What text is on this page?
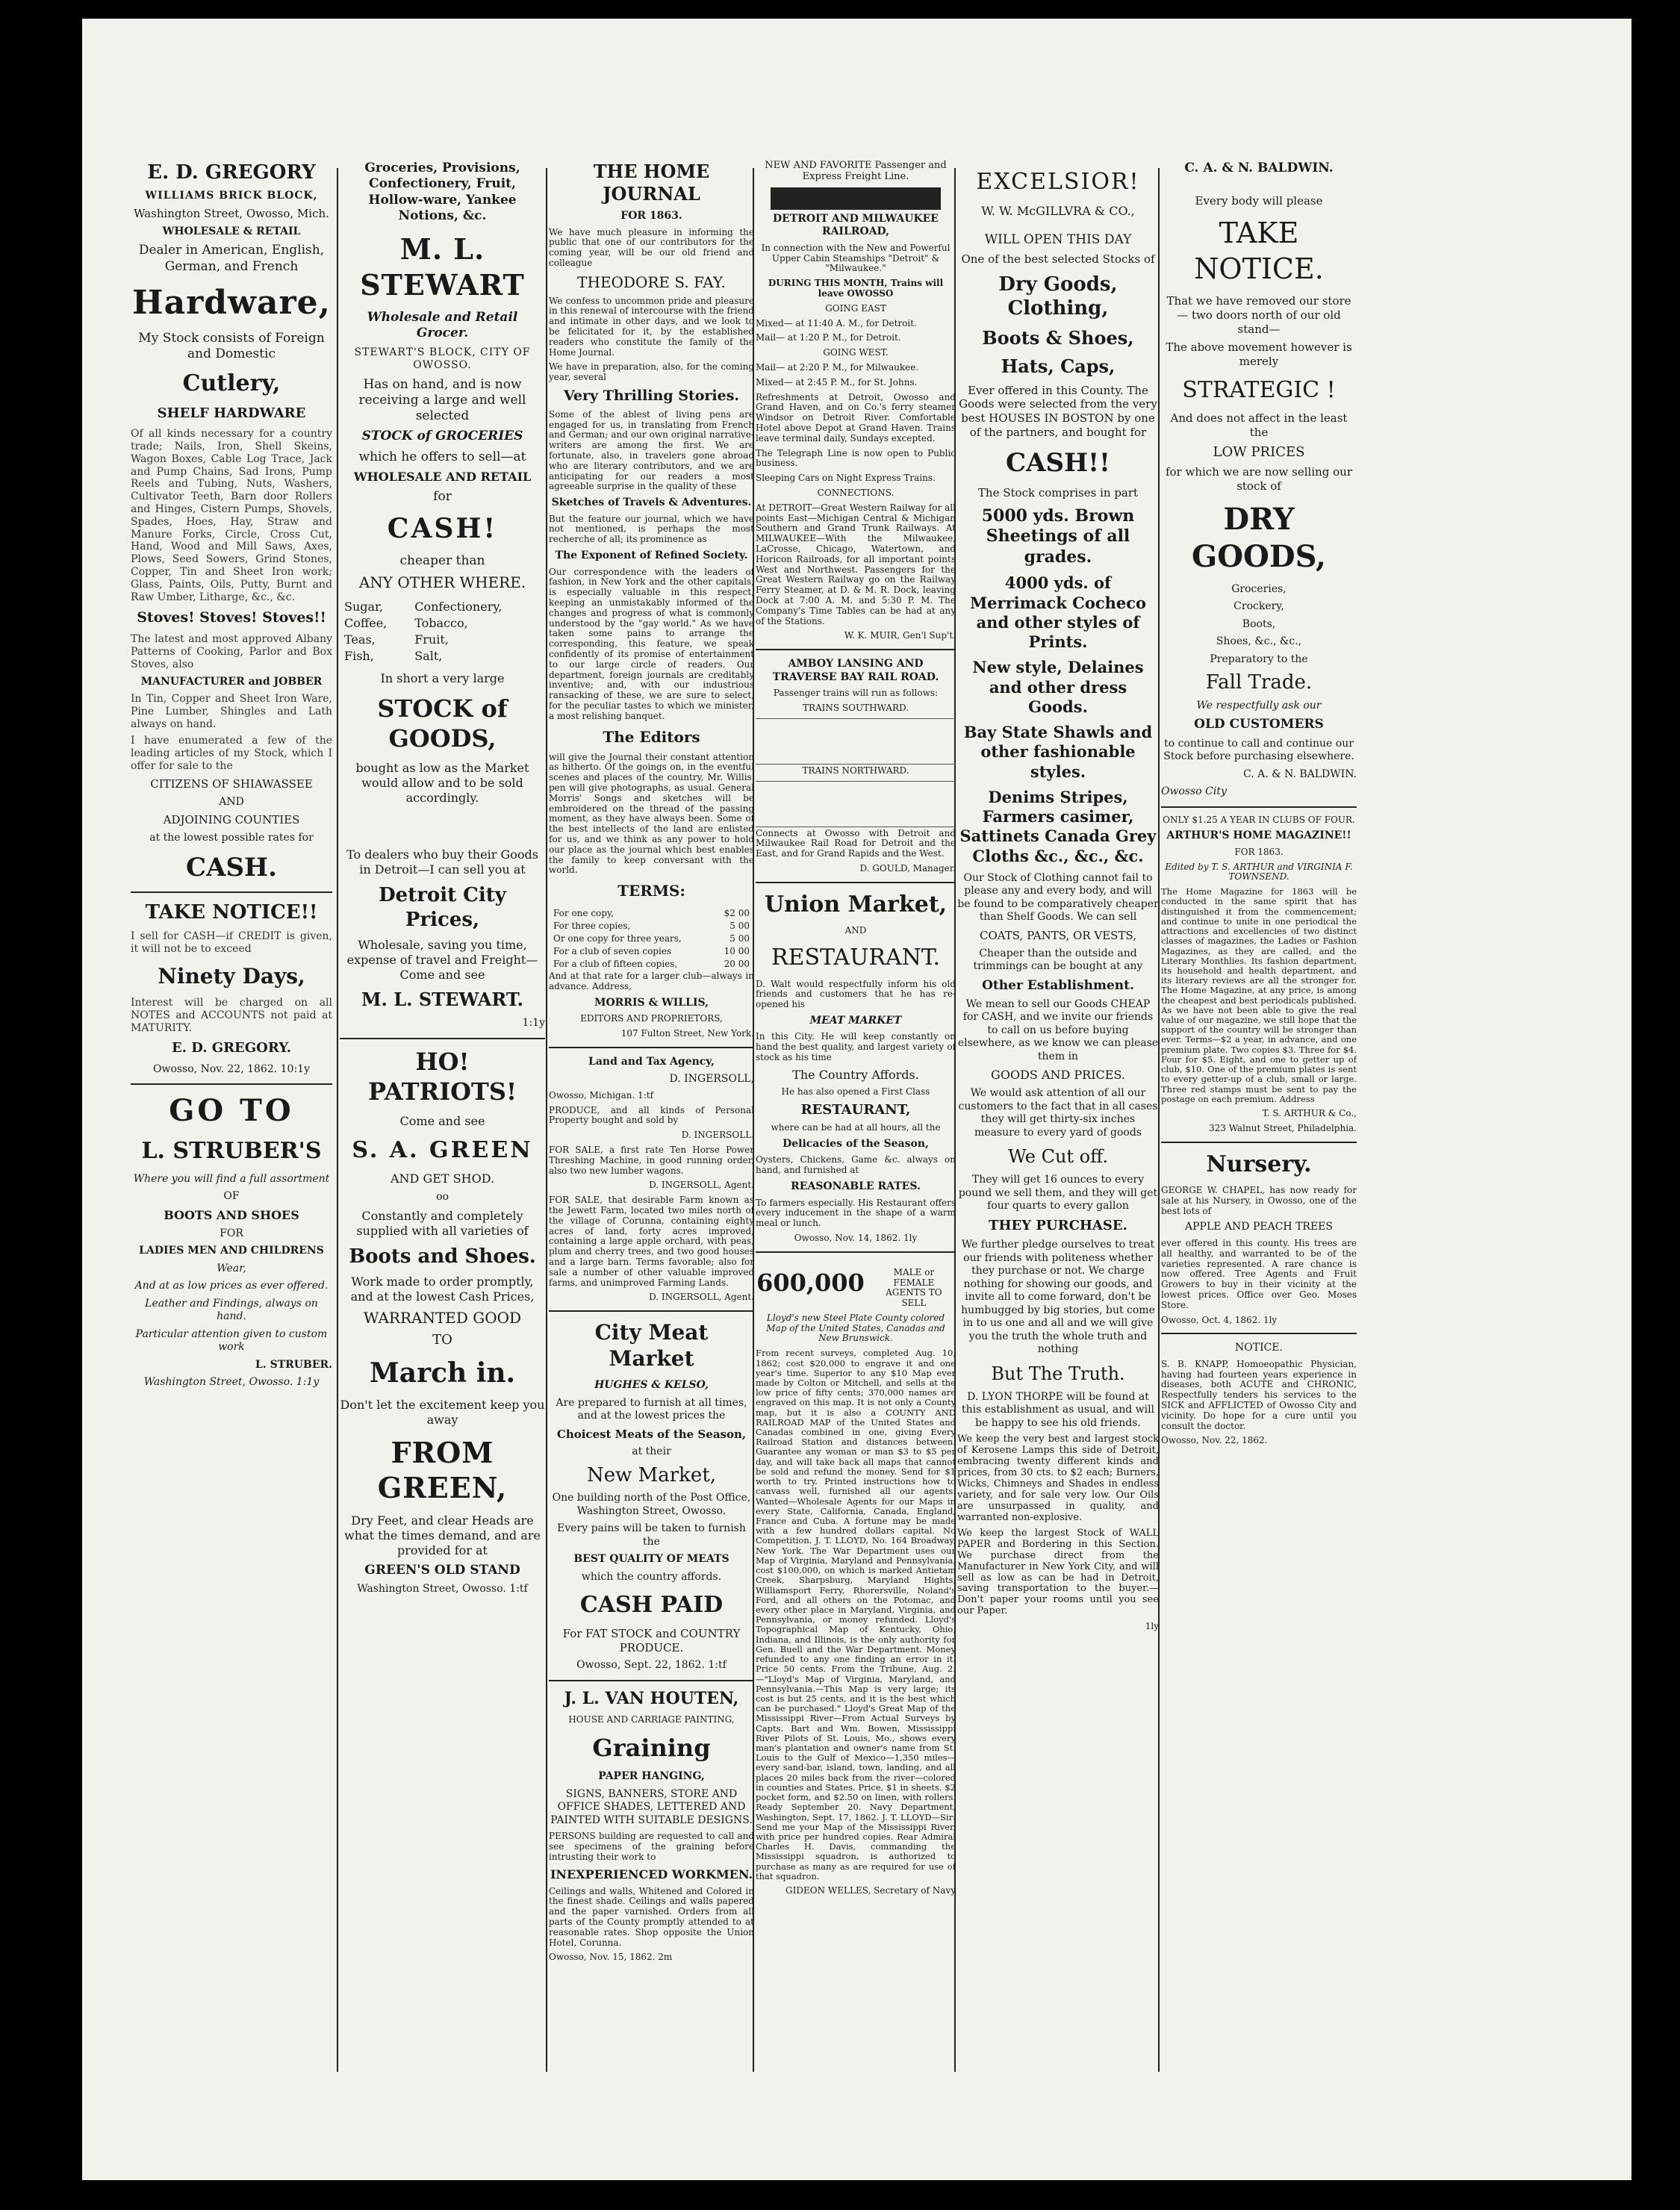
E. D. GREGORY

WILLIAMS BRICK BLOCK,

Washington Street, Owosso, Mich.

WHOLESALE & RETAIL

Dealer in American, English, German, and French

Hardware,

My Stock consists of Foreign and Domestic

Cutlery,

SHELF HARDWARE

Of all kinds necessary for a country trade; Nails, Iron, Shell Skeins, Wagon Boxes, Cable Log Trace, Jack and Pump Chains, Sad Irons, Pump Reels and Tubing, Nuts, Washers, Cultivator Teeth, Barn door Rollers and Hinges, Cistern Pumps, Shovels, Spades, Hoes, Hay, Straw and Manure Forks, Circle, Cross Cut, Hand, Wood and Mill Saws, Axes, Plows, Seed Sowers, Grind Stones, Copper, Tin and Sheet Iron work; Glass, Paints, Oils, Putty, Burnt and Raw Umber, Litharge, &c., &c.

Stoves! Stoves! Stoves!!

The latest and most approved Albany Patterns of Cooking, Parlor and Box Stoves, also

MANUFACTURER and JOBBER

In Tin, Copper and Sheet Iron Ware, Pine Lumber, Shingles and Lath always on hand.

I have enumerated a few of the leading articles of my Stock, which I offer for sale to the

CITIZENS OF SHIAWASSEE

AND

ADJOINING COUNTIES

at the lowest possible rates for

CASH.

TAKE NOTICE!!

I sell for CASH—if CREDIT is given, it will not be to exceed

Ninety Days,

Interest will be charged on all NOTES and ACCOUNTS not paid at MATURITY.

E. D. GREGORY.

Owosso, Nov. 22, 1862. 10:1y

GO TO

L. STRUBER'S

Where you will find a full assortment

OF

BOOTS AND SHOES

FOR

LADIES MEN AND CHILDRENS

Wear,

And at as low prices as ever offered.

Leather and Findings, always on hand.

Particular attention given to custom work

L. STRUBER.

Washington Street, Owosso. 1:1y

Groceries, Provisions, Confectionery, Fruit, Hollow-ware, Yankee Notions, &c.

M. L. STEWART

Wholesale and Retail Grocer.

STEWART'S BLOCK, CITY OF OWOSSO.

Has on hand, and is now receiving a large and well selected

STOCK of GROCERIES

which he offers to sell—at

WHOLESALE AND RETAIL

for

CASH!

cheaper than

ANY OTHER WHERE.

Sugar,	Confectionery,
Coffee,	Tobacco,
Teas,	Fruit,
Fish,	Salt,

In short a very large

STOCK of GOODS,

bought as low as the Market would allow and to be sold accordingly.

To dealers who buy their Goods in Detroit—I can sell you at

Detroit City Prices,

Wholesale, saving you time, expense of travel and Freight—Come and see

M. L. STEWART.

1:1y

HO! PATRIOTS!

Come and see

S. A. GREEN

AND GET SHOD.

oo

Constantly and completely supplied with all varieties of

Boots and Shoes.

Work made to order promptly, and at the lowest Cash Prices,

WARRANTED GOOD

TO

March in.

Don't let the excitement keep you away

FROM GREEN,

Dry Feet, and clear Heads are what the times demand, and are provided for at

GREEN'S OLD STAND

Washington Street, Owosso. 1:tf

THE HOME JOURNAL

FOR 1863.

We have much pleasure in informing the public that one of our contributors for the coming year, will be our old friend and colleague

THEODORE S. FAY.

We confess to uncommon pride and pleasure in this renewal of intercourse with the friend and intimate in other days, and we look to be felicitated for it, by the established readers who constitute the family of the Home Journal.

We have in preparation, also, for the coming year, several

Very Thrilling Stories.

Some of the ablest of living pens are engaged for us, in translating from French and German; and our own original narrative-writers are among the first. We are fortunate, also, in travelers gone abroad who are literary contributors, and we are anticipating for our readers a most agreeable surprise in the quality of these

Sketches of Travels & Adventures.

But the feature our journal, which we have not mentioned, is perhaps the most recherche of all; its prominence as

The Exponent of Refined Society.

Our correspondence with the leaders of fashion, in New York and the other capitals, is especially valuable in this respect, keeping an unmistakably informed of the changes and progress of what is commonly understood by the "gay world." As we have taken some pains to arrange the corresponding, this feature, we speak confidently of its promise of entertainment to our large circle of readers. Our department, foreign journals are creditably inventive; and, with our industrious ransacking of these, we are sure to select, for the peculiar tastes to which we minister, a most relishing banquet.

The Editors

will give the Journal their constant attention as hitherto. Of the goings on, in the eventful scenes and places of the country, Mr. Willis' pen will give photographs, as usual. General Morris' Songs and sketches will be embroidered on the thread of the passing moment, as they have always been. Some of the best intellects of the land are enlisted for us, and we think as any power to hold our place as the journal which best enables the family to keep conversant with the world.

TERMS:

For one copy,	$2 00
For three copies,	5 00
Or one copy for three years,	5 00
For a club of seven copies	10 00
For a club of fifteen copies,	20 00

And at that rate for a larger club—always in advance. Address,

MORRIS & WILLIS,

EDITORS AND PROPRIETORS,

107 Fulton Street, New York.

Land and Tax Agency,

D. INGERSOLL,

Owosso, Michigan. 1:tf

PRODUCE, and all kinds of Personal Property bought and sold by

D. INGERSOLL.

FOR SALE, a first rate Ten Horse Power Threshing Machine, in good running order, also two new lumber wagons.

D. INGERSOLL, Agent.

FOR SALE, that desirable Farm known as the Jewett Farm, located two miles north of the village of Corunna, containing eighty acres of land, forty acres improved, containing a large apple orchard, with peas, plum and cherry trees, and two good houses and a large barn. Terms favorable; also for sale a number of other valuable improved farms, and unimproved Farming Lands.

D. INGERSOLL, Agent.

City Meat Market

HUGHES & KELSO,

Are prepared to furnish at all times, and at the lowest prices the

Choicest Meats of the Season,

at their

New Market,

One building north of the Post Office, Washington Street, Owosso.

Every pains will be taken to furnish the

BEST QUALITY OF MEATS

which the country affords.

CASH PAID

For FAT STOCK and COUNTRY PRODUCE.

Owosso, Sept. 22, 1862. 1:tf

J. L. VAN HOUTEN,

HOUSE AND CARRIAGE PAINTING,

Graining

PAPER HANGING,

SIGNS, BANNERS, STORE AND OFFICE SHADES, LETTERED AND PAINTED WITH SUITABLE DESIGNS.

PERSONS building are requested to call and see specimens of the graining before intrusting their work to

INEXPERIENCED WORKMEN.

Ceilings and walls, Whitened and Colored in the finest shade. Ceilings and walls papered and the paper varnished. Orders from all parts of the County promptly attended to at reasonable rates. Shop opposite the Union Hotel, Corunna.

Owosso, Nov. 15, 1862. 2m

NEW AND FAVORITE Passenger and Express Freight Line.

DETROIT AND MILWAUKEE RAILROAD,

In connection with the New and Powerful Upper Cabin Steamships "Detroit" & "Milwaukee."

DURING THIS MONTH, Trains will leave OWOSSO

GOING EAST

Mixed— at 11:40 A. M., for Detroit.

Mail— at 1:20 P. M., for Detroit.

GOING WEST.

Mail— at 2:20 P. M., for Milwaukee.

Mixed— at 2:45 P. M., for St. Johns.

Refreshments at Detroit, Owosso and Grand Haven, and on Co.'s ferry steamer Windsor on Detroit River. Comfortable Hotel above Depot at Grand Haven. Trains leave terminal daily, Sundays excepted.

The Telegraph Line is now open to Public business.

Sleeping Cars on Night Express Trains.

CONNECTIONS.

At DETROIT—Great Western Railway for all points East—Michigan Central & Michigan Southern and Grand Trunk Railways. At MILWAUKEE—With the Milwaukee, LaCrosse, Chicago, Watertown, and Horicon Railroads, for all important points West and Northwest. Passengers for the Great Western Railway go on the Railway Ferry Steamer, at D. & M. R. Dock, leaving Dock at 7:00 A. M. and 5:30 P. M. The Company's Time Tables can be had at any of the Stations.

W. K. MUIR, Gen'l Sup't.

AMBOY LANSING AND TRAVERSE BAY RAIL ROAD.

Passenger trains will run as follows:

TRAINS SOUTHWARD.

TRAINS NORTHWARD.

Connects at Owosso with Detroit and Milwaukee Rail Road for Detroit and the East, and for Grand Rapids and the West.

D. GOULD, Manager.

Union Market,

AND

RESTAURANT.

D. Walt would respectfully inform his old friends and customers that he has re-opened his

MEAT MARKET

In this City. He will keep constantly on hand the best quality, and largest variety of stock as his time

The Country Affords.

He has also opened a First Class

RESTAURANT,

where can be had at all hours, all the

Delicacies of the Season,

Oysters, Chickens, Game &c. always on hand, and furnished at

REASONABLE RATES.

To farmers especially. His Restaurant offers every inducement in the shape of a warm meal or lunch.

Owosso, Nov. 14, 1862. 1ly

600,000

	MALE or FEMALE AGENTS TO SELL

Lloyd's new Steel Plate County colored Map of the United States, Canadas and New Brunswick.

From recent surveys, completed Aug. 10, 1862; cost $20,000 to engrave it and one year's time. Superior to any $10 Map ever made by Colton or Mitchell, and sells at the low price of fifty cents; 370,000 names are engraved on this map. It is not only a County map, but it is also a COUNTY AND RAILROAD MAP of the United States and Canadas combined in one, giving Every Railroad Station and distances between. Guarantee any woman or man $3 to $5 per day, and will take back all maps that cannot be sold and refund the money. Send for $1 worth to try. Printed instructions how to canvass well, furnished all our agents. Wanted—Wholesale Agents for our Maps in every State, California, Canada, England, France and Cuba. A fortune may be made with a few hundred dollars capital. No Competition. J. T. LLOYD, No. 164 Broadway, New York. The War Department uses our Map of Virginia, Maryland and Pennsylvania, cost $100,000, on which is marked Antietam Creek, Sharpsburg, Maryland Hights, Williamsport Ferry, Rhorersville, Noland's Ford, and all others on the Potomac, and every other place in Maryland, Virginia, and Pennsylvania, or money refunded. Lloyd's Topographical Map of Kentucky, Ohio, Indiana, and Illinois, is the only authority for Gen. Buell and the War Department. Money refunded to any one finding an error in it. Price 50 cents. From the Tribune, Aug. 2.—"Lloyd's Map of Virginia, Maryland, and Pennsylvania.—This Map is very large; its cost is but 25 cents, and it is the best which can be purchased." Lloyd's Great Map of the Mississippi River—From Actual Surveys by Capts. Bart and Wm. Bowen, Mississippi River Pilots of St. Louis, Mo., shows every man's plantation and owner's name from St. Louis to the Gulf of Mexico—1,350 miles—every sand-bar, island, town, landing, and all places 20 miles back from the river—colored in counties and States. Price, $1 in sheets. $2 pocket form, and $2.50 on linen, with rollers. Ready September 20. Navy Department, Washington, Sept. 17, 1862. J. T. LLOYD—Sir: Send me your Map of the Mississippi River, with price per hundred copies. Rear Admiral Charles H. Davis, commanding the Mississippi squadron, is authorized to purchase as many as are required for use of that squadron.

GIDEON WELLES, Secretary of Navy

EXCELSIOR!

W. W. McGILLVRA & CO.,

WILL OPEN THIS DAY

One of the best selected Stocks of

Dry Goods, Clothing,

Boots & Shoes,

Hats, Caps,

Ever offered in this County. The Goods were selected from the very best HOUSES IN BOSTON by one of the partners, and bought for

CASH!!

The Stock comprises in part

5000 yds. Brown Sheetings of all grades.

4000 yds. of Merrimack Cocheco and other styles of Prints.

New style, Delaines and other dress Goods.

Bay State Shawls and other fashionable styles.

Denims Stripes, Farmers casimer, Sattinets Canada Grey Cloths &c., &c., &c.

Our Stock of Clothing cannot fail to please any and every body, and will be found to be comparatively cheaper than Shelf Goods. We can sell

COATS, PANTS, OR VESTS,

Cheaper than the outside and trimmings can be bought at any

Other Establishment.

We mean to sell our Goods CHEAP for CASH, and we invite our friends to call on us before buying elsewhere, as we know we can please them in

GOODS AND PRICES.

We would ask attention of all our customers to the fact that in all cases they will get thirty-six inches measure to every yard of goods

We Cut off.

They will get 16 ounces to every pound we sell them, and they will get four quarts to every gallon

THEY PURCHASE.

We further pledge ourselves to treat our friends with politeness whether they purchase or not. We charge nothing for showing our goods, and invite all to come forward, don't be humbugged by big stories, but come in to us one and all and we will give you the truth the whole truth and nothing

But The Truth.

D. LYON THORPE will be found at this establishment as usual, and will be happy to see his old friends.

We keep the very best and largest stock of Kerosene Lamps this side of Detroit, embracing twenty different kinds and prices, from 30 cts. to $2 each; Burners, Wicks, Chimneys and Shades in endless variety, and for sale very low. Our Oils are unsurpassed in quality, and warranted non-explosive.

We keep the largest Stock of WALL PAPER and Bordering in this Section. We purchase direct from the Manufacturer in New York City, and will sell as low as can be had in Detroit, saving transportation to the buyer.—Don't paper your rooms until you see our Paper.

1ly

C. A. & N. BALDWIN.

Every body will please

TAKE NOTICE.

That we have removed our store— two doors north of our old stand—

The above movement however is merely

STRATEGIC !

And does not affect in the least the

LOW PRICES

for which we are now selling our stock of

DRY GOODS,

Groceries,

Crockery,

Boots,

Shoes, &c., &c.,

Preparatory to the

Fall Trade.

We respectfully ask our

OLD CUSTOMERS

to continue to call and continue our Stock before purchasing elsewhere.

C. A. & N. BALDWIN.

Owosso City

ONLY $1.25 A YEAR IN CLUBS OF FOUR.

ARTHUR'S HOME MAGAZINE!!

FOR 1863.

Edited by T. S. ARTHUR and VIRGINIA F. TOWNSEND.

The Home Magazine for 1863 will be conducted in the same spirit that has distinguished it from the commencement; and continue to unite in one periodical the attractions and excellencies of two distinct classes of magazines, the Ladies or Fashion Magazines, as they are called, and the Literary Monthlies. Its fashion department, its household and health department, and its literary reviews are all the stronger for. The Home Magazine, at any price, is among the cheapest and best periodicals published. As we have not been able to give the real value of our magazine, we still hope that the support of the country will be stronger than ever. Terms—$2 a year, in advance, and one premium plate. Two copies $3. Three for $4. Four for $5. Eight, and one to getter up of club, $10. One of the premium plates is sent to every getter-up of a club, small or large. Three red stamps must be sent to pay the postage on each premium. Address

T. S. ARTHUR & Co.,

323 Walnut Street, Philadelphia.

Nursery.

GEORGE W. CHAPEL, has now ready for sale at his Nursery, in Owosso, one of the best lots of

APPLE AND PEACH TREES

ever offered in this county. His trees are all healthy, and warranted to be of the varieties represented. A rare chance is now offered. Tree Agents and Fruit Growers to buy in their vicinity at the lowest prices. Office over Geo. Moses Store.

Owosso, Oct. 4, 1862. 1ly

NOTICE.

S. B. KNAPP, Homoeopathic Physician, having had fourteen years experience in diseases, both ACUTE and CHRONIC, Respectfully tenders his services to the SICK and AFFLICTED of Owosso City and vicinity. Do hope for a cure until you consult the doctor.

Owosso, Nov. 22, 1862.
